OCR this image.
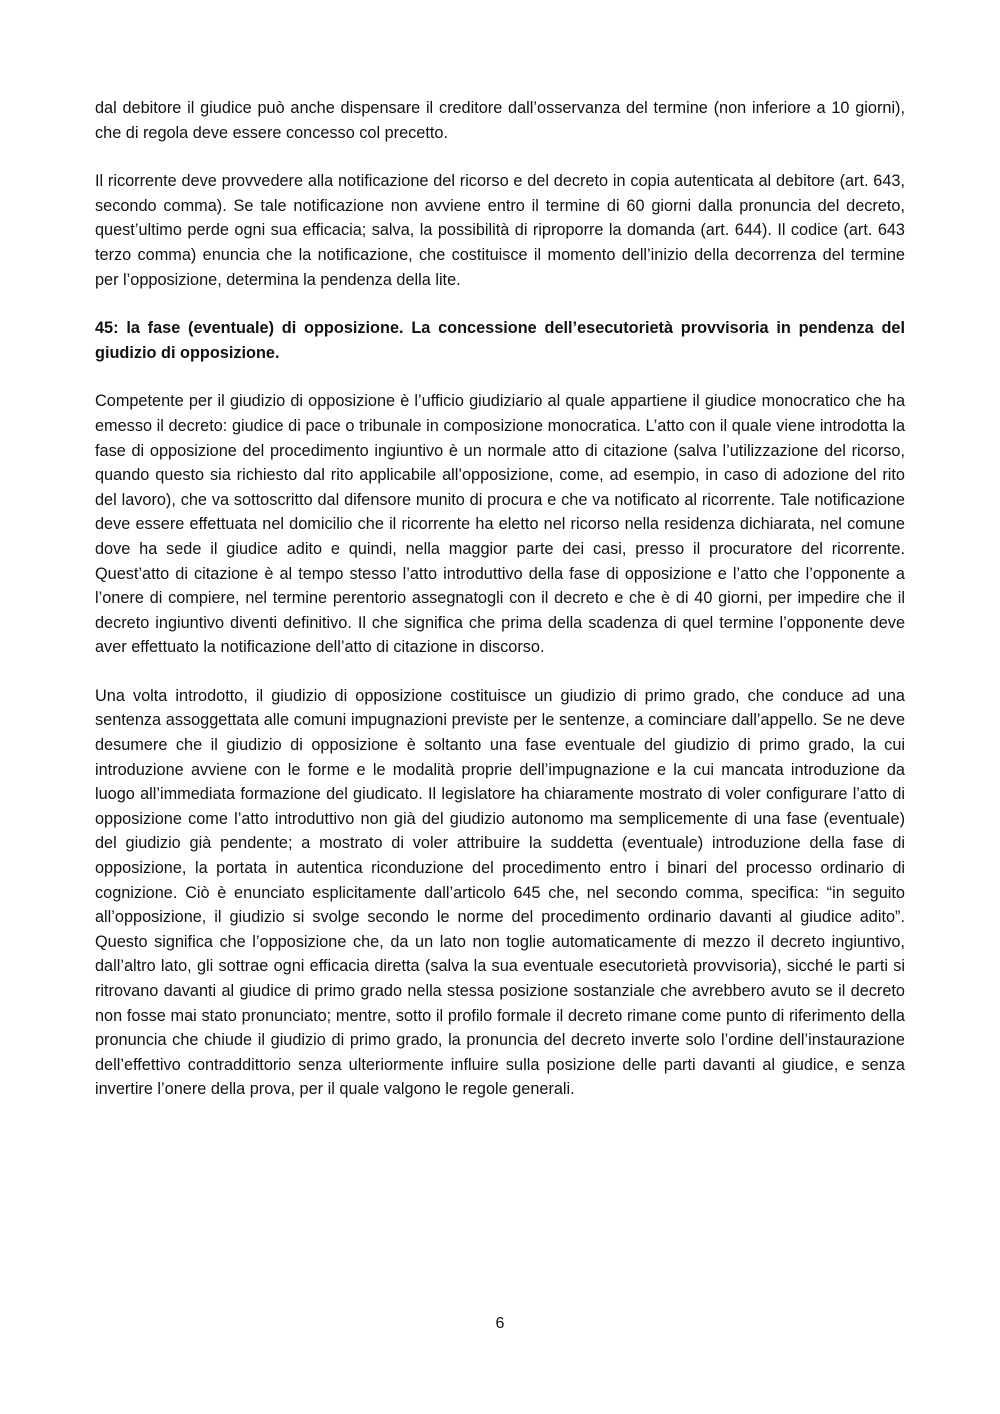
dal debitore il giudice può anche dispensare il creditore dall’osservanza del termine (non inferiore a 10 giorni), che di regola deve essere concesso col precetto.

Il ricorrente deve provvedere alla notificazione del ricorso e del decreto in copia autenticata al debitore (art. 643, secondo comma). Se tale notificazione non avviene entro il termine di 60 giorni dalla pronuncia del decreto, quest’ultimo perde ogni sua efficacia; salva, la possibilità di riproporre la domanda (art. 644). Il codice (art. 643 terzo comma) enuncia che la notificazione, che costituisce il momento dell’inizio della decorrenza del termine per l’opposizione, determina la pendenza della lite.

45: la fase (eventuale) di opposizione. La concessione dell’esecutorietà provvisoria in pendenza del giudizio di opposizione.

Competente per il giudizio di opposizione è l’ufficio giudiziario al quale appartiene il giudice monocratico che ha emesso il decreto: giudice di pace o tribunale in composizione monocratica. L’atto con il quale viene introdotta la fase di opposizione del procedimento ingiuntivo è un normale atto di citazione (salva l’utilizzazione del ricorso, quando questo sia richiesto dal rito applicabile all’opposizione, come, ad esempio, in caso di adozione del rito del lavoro), che va sottoscritto dal difensore munito di procura e che va notificato al ricorrente. Tale notificazione deve essere effettuata nel domicilio che il ricorrente ha eletto nel ricorso nella residenza dichiarata, nel comune dove ha sede il giudice adito e quindi, nella maggior parte dei casi, presso il procuratore del ricorrente. Quest’atto di citazione è al tempo stesso l’atto introduttivo della fase di opposizione e l’atto che l’opponente a l’onere di compiere, nel termine perentorio assegnatogli con il decreto e che è di 40 giorni, per impedire che il decreto ingiuntivo diventi definitivo. Il che significa che prima della scadenza di quel termine l’opponente deve aver effettuato la notificazione dell’atto di citazione in discorso.

Una volta introdotto, il giudizio di opposizione costituisce un giudizio di primo grado, che conduce ad una sentenza assoggettata alle comuni impugnazioni previste per le sentenze, a cominciare dall’appello. Se ne deve desumere che il giudizio di opposizione è soltanto una fase eventuale del giudizio di primo grado, la cui introduzione avviene con le forme e le modalità proprie dell’impugnazione e la cui mancata introduzione da luogo all’immediata formazione del giudicato. Il legislatore ha chiaramente mostrato di voler configurare l’atto di opposizione come l’atto introduttivo non già del giudizio autonomo ma semplicemente di una fase (eventuale) del giudizio già pendente; a mostrato di voler attribuire la suddetta (eventuale) introduzione della fase di opposizione, la portata in autentica riconduzione del procedimento entro i binari del processo ordinario di cognizione. Ciò è enunciato esplicitamente dall’articolo 645 che, nel secondo comma, specifica: “in seguito all’opposizione, il giudizio si svolge secondo le norme del procedimento ordinario davanti al giudice adito”. Questo significa che l’opposizione che, da un lato non toglie automaticamente di mezzo il decreto ingiuntivo, dall’altro lato, gli sottrae ogni efficacia diretta (salva la sua eventuale esecutorietà provvisoria), sicché le parti si ritrovano davanti al giudice di primo grado nella stessa posizione sostanziale che avrebbero avuto se il decreto non fosse mai stato pronunciato; mentre, sotto il profilo formale il decreto rimane come punto di riferimento della pronuncia che chiude il giudizio di primo grado, la pronuncia del decreto inverte solo l’ordine dell’instaurazione dell’effettivo contraddittorio senza ulteriormente influire sulla posizione delle parti davanti al giudice, e senza invertire l’onere della prova, per il quale valgono le regole generali.

6
